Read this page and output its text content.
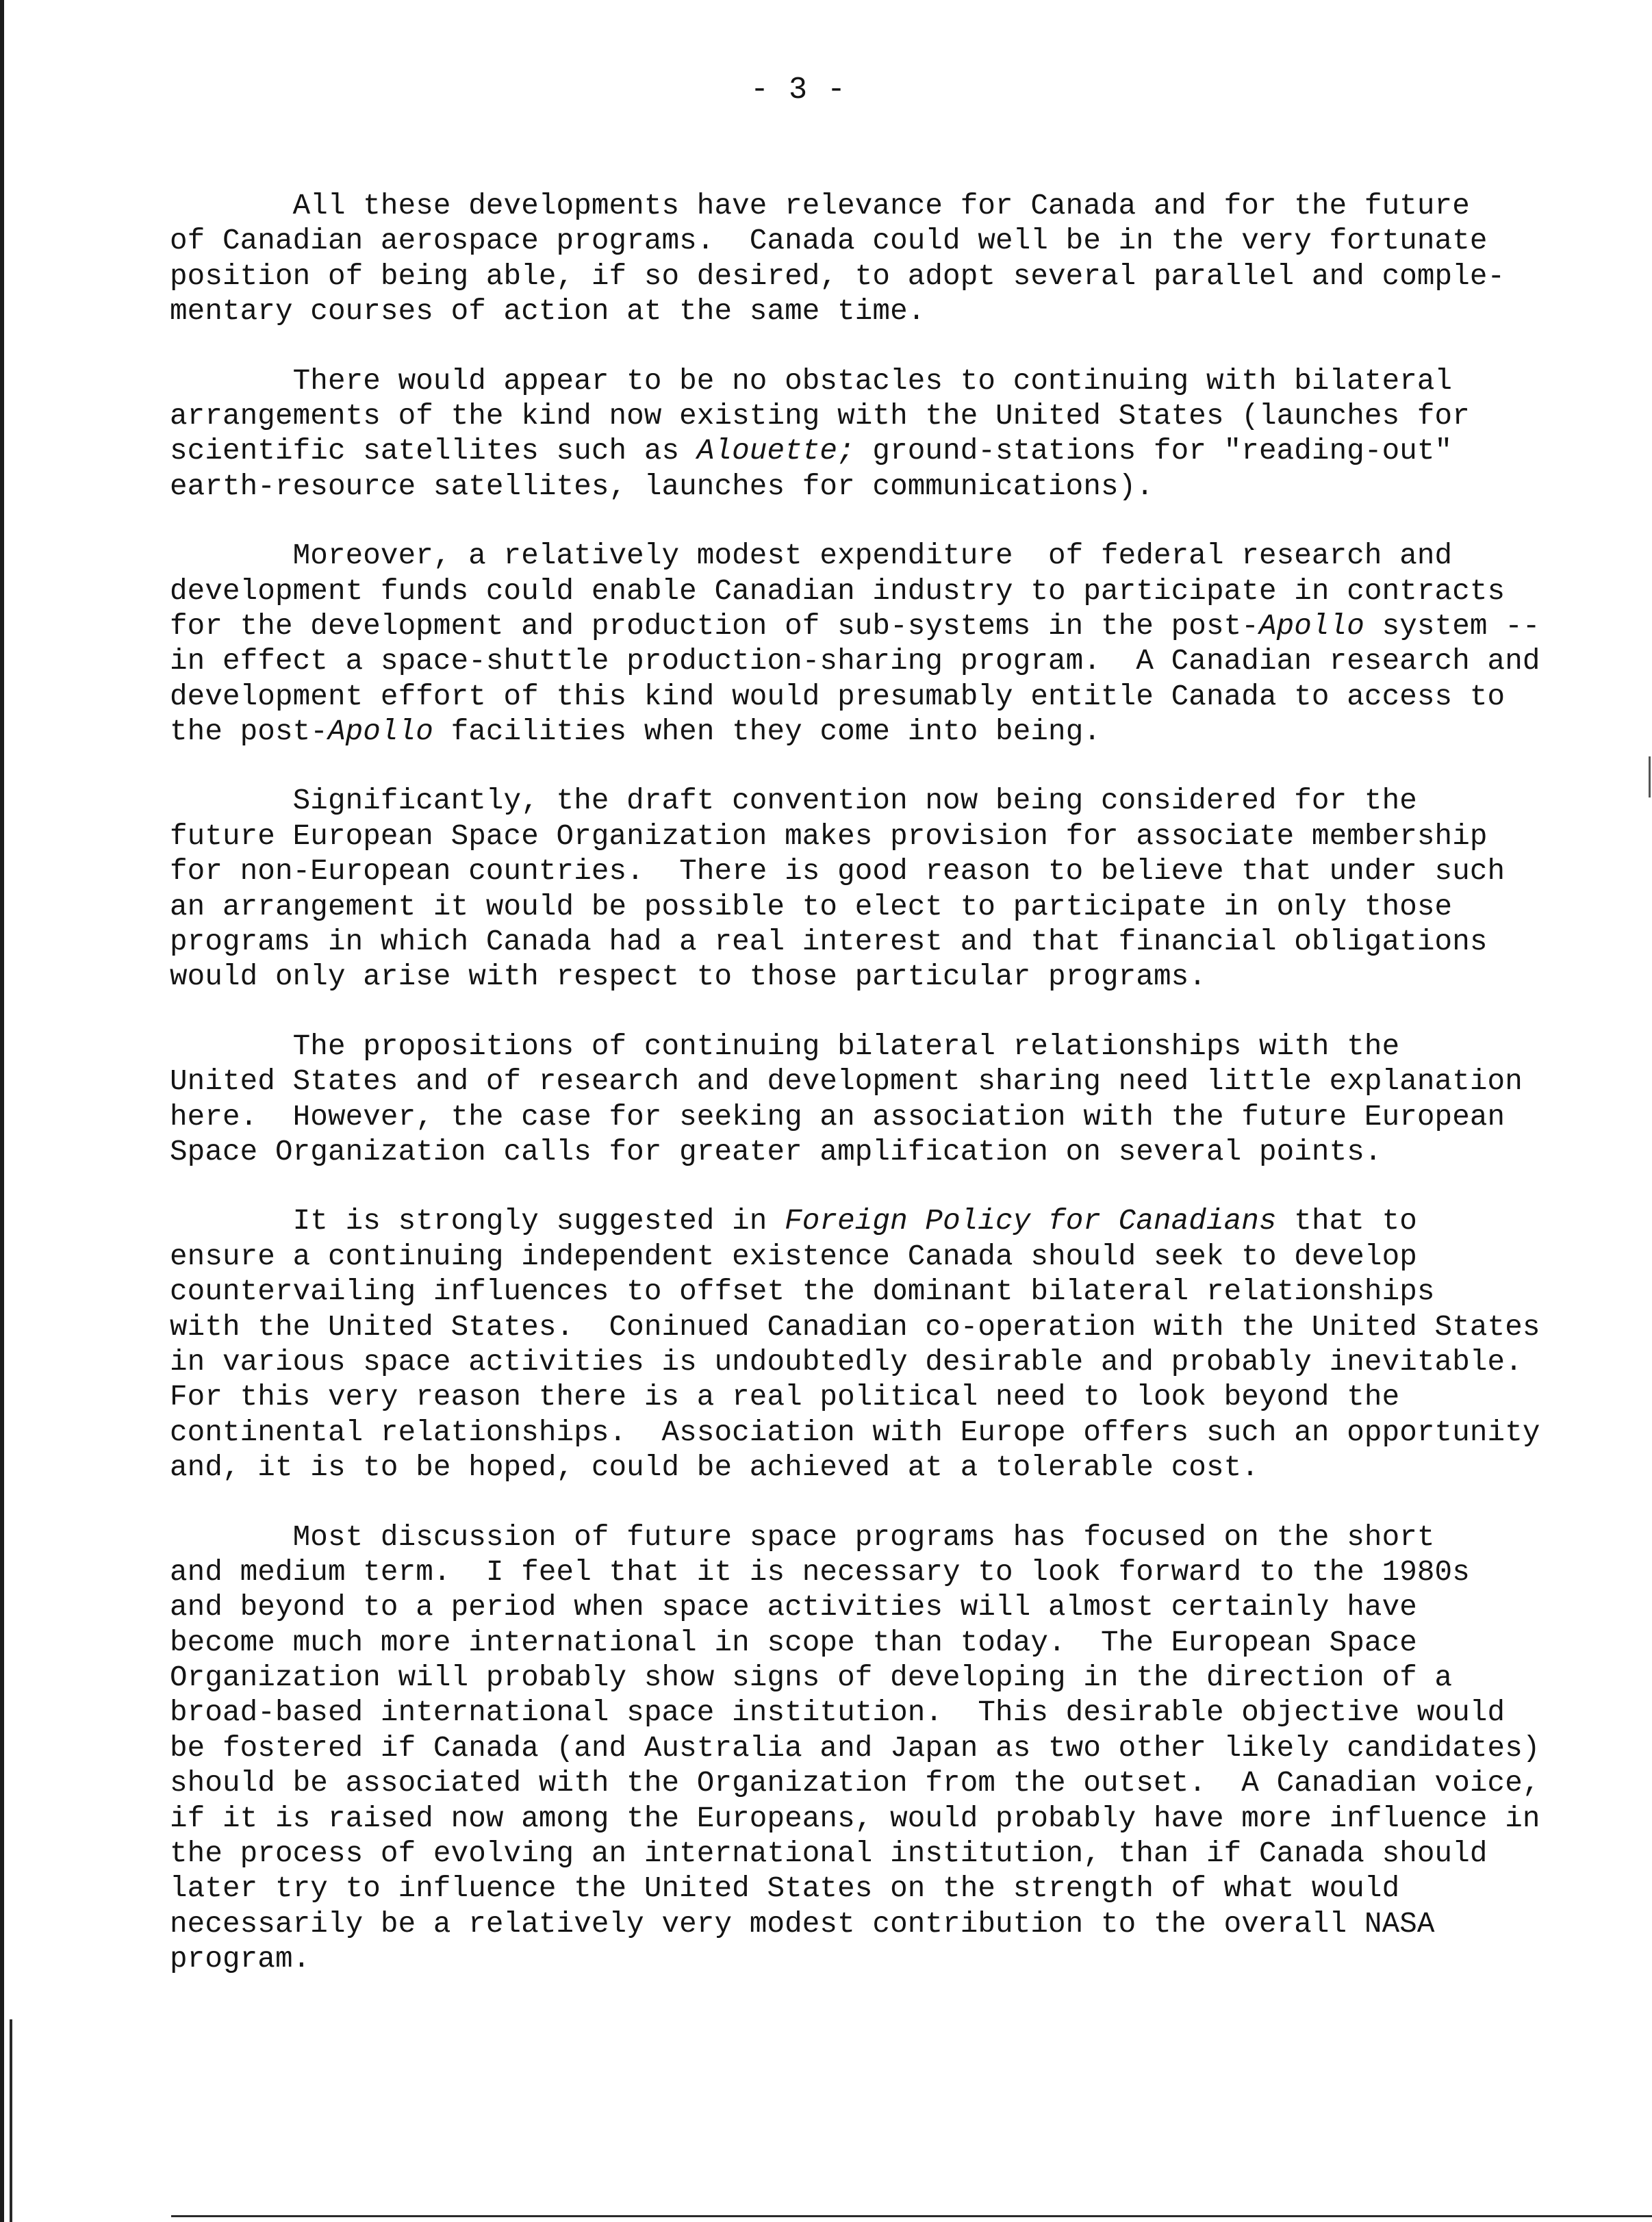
- 3 -
All these developments have relevance for Canada and for the future
of Canadian aerospace programs.  Canada could well be in the very fortunate
position of being able, if so desired, to adopt several parallel and comple-
mentary courses of action at the same time.
There would appear to be no obstacles to continuing with bilateral
arrangements of the kind now existing with the United States (launches for
scientific satellites such as Alouette; ground-stations for "reading-out"
earth-resource satellites, launches for communications).
Moreover, a relatively modest expenditure  of federal research and
development funds could enable Canadian industry to participate in contracts
for the development and production of sub-systems in the post-Apollo system --
in effect a space-shuttle production-sharing program.  A Canadian research and
development effort of this kind would presumably entitle Canada to access to
the post-Apollo facilities when they come into being.
Significantly, the draft convention now being considered for the
future European Space Organization makes provision for associate membership
for non-European countries.  There is good reason to believe that under such
an arrangement it would be possible to elect to participate in only those
programs in which Canada had a real interest and that financial obligations
would only arise with respect to those particular programs.
The propositions of continuing bilateral relationships with the
United States and of research and development sharing need little explanation
here.  However, the case for seeking an association with the future European
Space Organization calls for greater amplification on several points.
It is strongly suggested in Foreign Policy for Canadians that to
ensure a continuing independent existence Canada should seek to develop
countervailing influences to offset the dominant bilateral relationships
with the United States.  Coninued Canadian co-operation with the United States
in various space activities is undoubtedly desirable and probably inevitable.
For this very reason there is a real political need to look beyond the
continental relationships.  Association with Europe offers such an opportunity
and, it is to be hoped, could be achieved at a tolerable cost.
Most discussion of future space programs has focused on the short
and medium term.  I feel that it is necessary to look forward to the 1980s
and beyond to a period when space activities will almost certainly have
become much more international in scope than today.  The European Space
Organization will probably show signs of developing in the direction of a
broad-based international space institution.  This desirable objective would
be fostered if Canada (and Australia and Japan as two other likely candidates)
should be associated with the Organization from the outset.  A Canadian voice,
if it is raised now among the Europeans, would probably have more influence in
the process of evolving an international institution, than if Canada should
later try to influence the United States on the strength of what would
necessarily be a relatively very modest contribution to the overall NASA
program.
